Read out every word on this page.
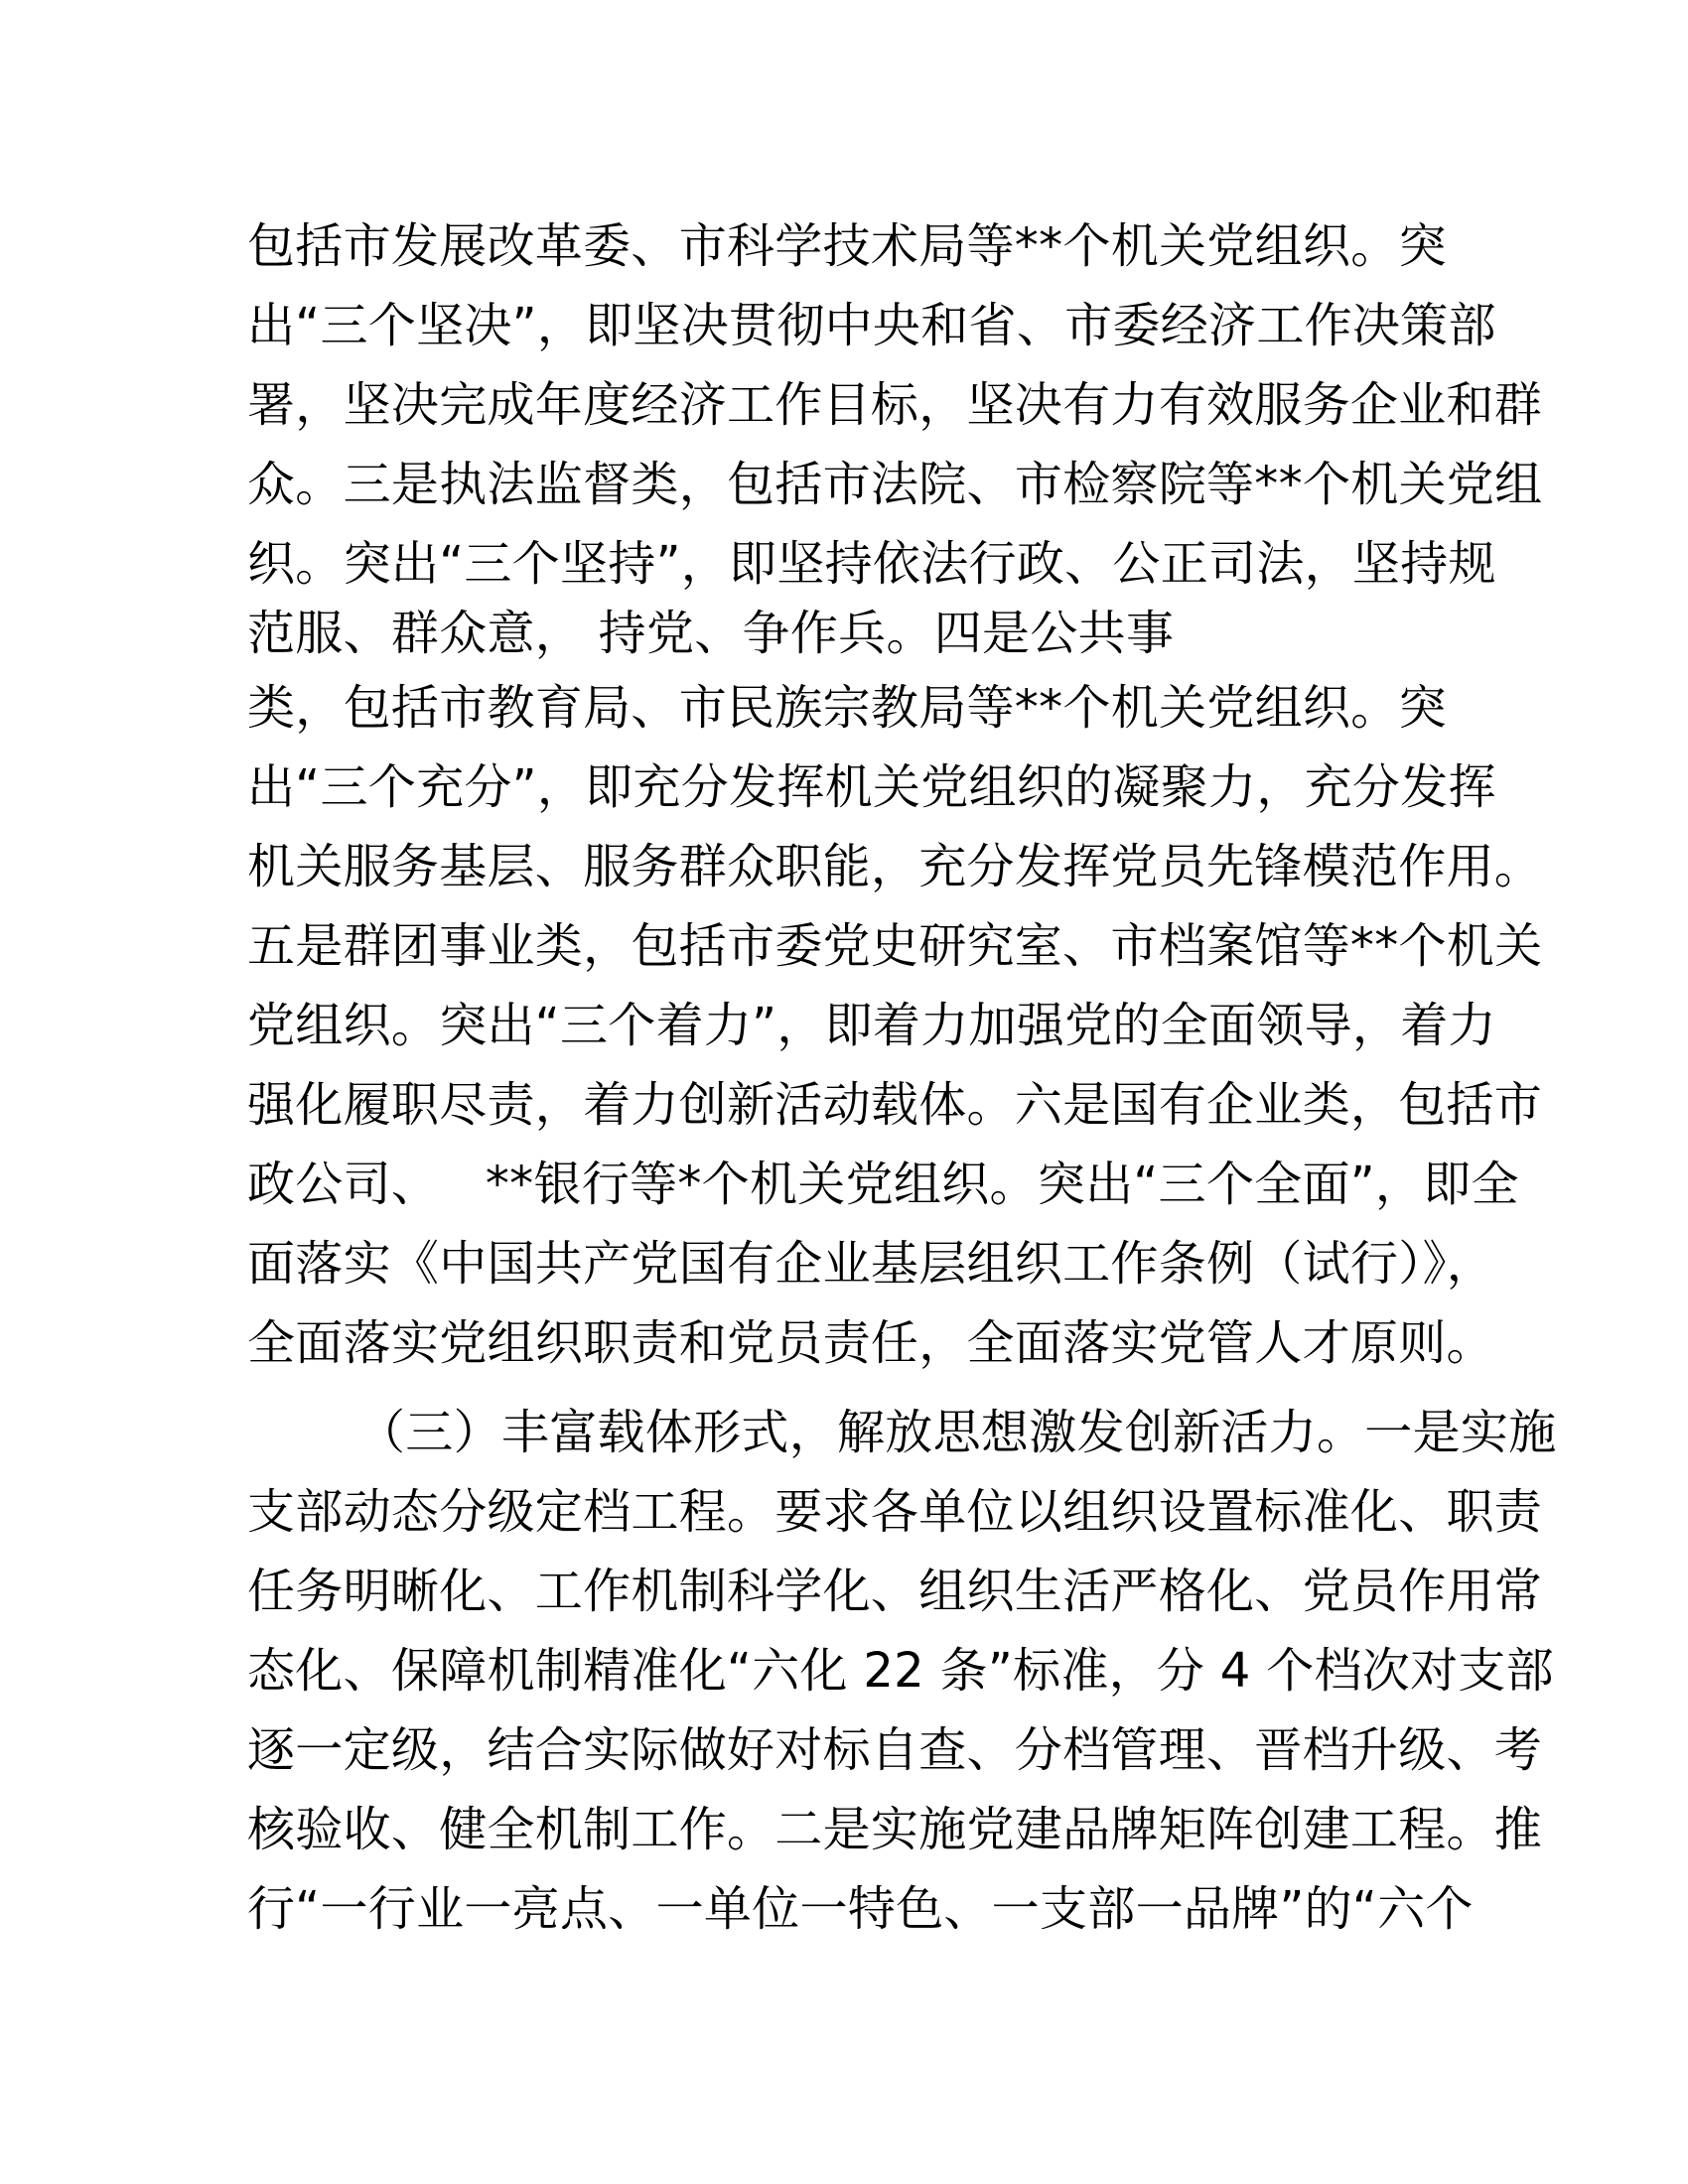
包括市发展改革委、市科学技术局等**个机关党组织。突
出“三个坚决”，即坚决贯彻中央和省、市委经济工作决策部
署，坚决完成年度经济工作目标，坚决有力有效服务企业和群
众。三是执法监督类，包括市法院、市检察院等**个机关党组
织。突出“三个坚持”，即坚持依法行政、公正司法，坚持规
范服、群众意， 持党、争作兵。四是公共事
类，包括市教育局、市民族宗教局等**个机关党组织。突
出“三个充分”，即充分发挥机关党组织的凝聚力，充分发挥
机关服务基层、服务群众职能，充分发挥党员先锋模范作用。
五是群团事业类，包括市委党史研究室、市档案馆等**个机关
党组织。突出“三个着力”，即着力加强党的全面领导，着力
强化履职尽责，着力创新活动载体。六是国有企业类，包括市
政公司、   **银行等*个机关党组织。突出“三个全面”，即全
面落实《中国共产党国有企业基层组织工作条例（试行）》，
全面落实党组织职责和党员责任，全面落实党管人才原则。
（三）丰富载体形式，解放思想激发创新活力。一是实施
支部动态分级定档工程。要求各单位以组织设置标准化、职责
任务明晰化、工作机制科学化、组织生活严格化、党员作用常
态化、保障机制精准化“六化 22 条”标准，分 4 个档次对支部
逐一定级，结合实际做好对标自查、分档管理、晋档升级、考
核验收、健全机制工作。二是实施党建品牌矩阵创建工程。推
行“一行业一亮点、一单位一特色、一支部一品牌”的“六个
